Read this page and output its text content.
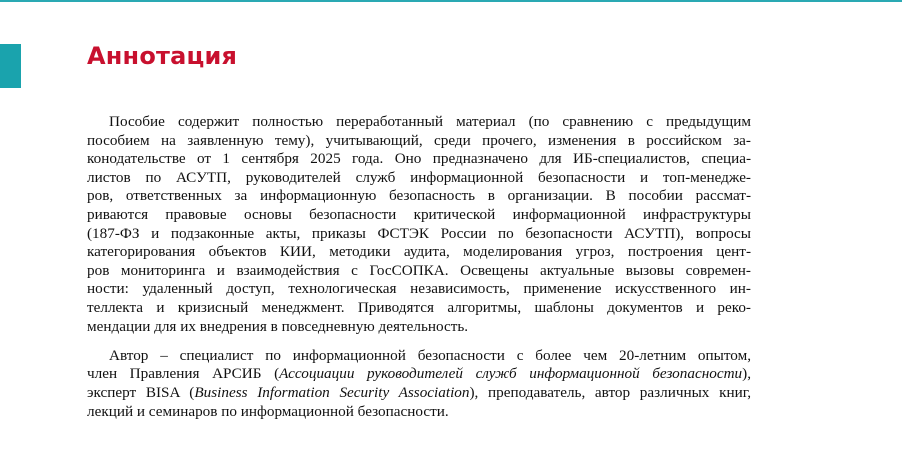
Аннотация

Пособие содержит полностью переработанный материал (по сравнению с предыдущим
пособием на заявленную тему), учитывающий, среди прочего, изменения в российском за-
конодательстве от 1 сентября 2025 года. Оно предназначено для ИБ-специалистов, специа-
листов по АСУТП, руководителей служб информационной безопасности и топ-менедже-
ров, ответственных за информационную безопасность в организации. В пособии рассмат-
риваются правовые основы безопасности критической информационной инфраструктуры
(187-ФЗ и подзаконные акты, приказы ФСТЭК России по безопасности АСУТП), вопросы
категорирования объектов КИИ, методики аудита, моделирования угроз, построения цент-
ров мониторинга и взаимодействия с ГосСОПКА. Освещены актуальные вызовы современ-
ности: удаленный доступ, технологическая независимость, применение искусственного ин-
теллекта и кризисный менеджмент. Приводятся алгоритмы, шаблоны документов и реко-
мендации для их внедрения в повседневную деятельность.

Автор – специалист по информационной безопасности с более чем 20-летним опытом,
член Правления АРСИБ (Ассоциации руководителей служб информационной безопасности),
эксперт BISA (Business Information Security Association), преподаватель, автор различных книг,
лекций и семинаров по информационной безопасности.
